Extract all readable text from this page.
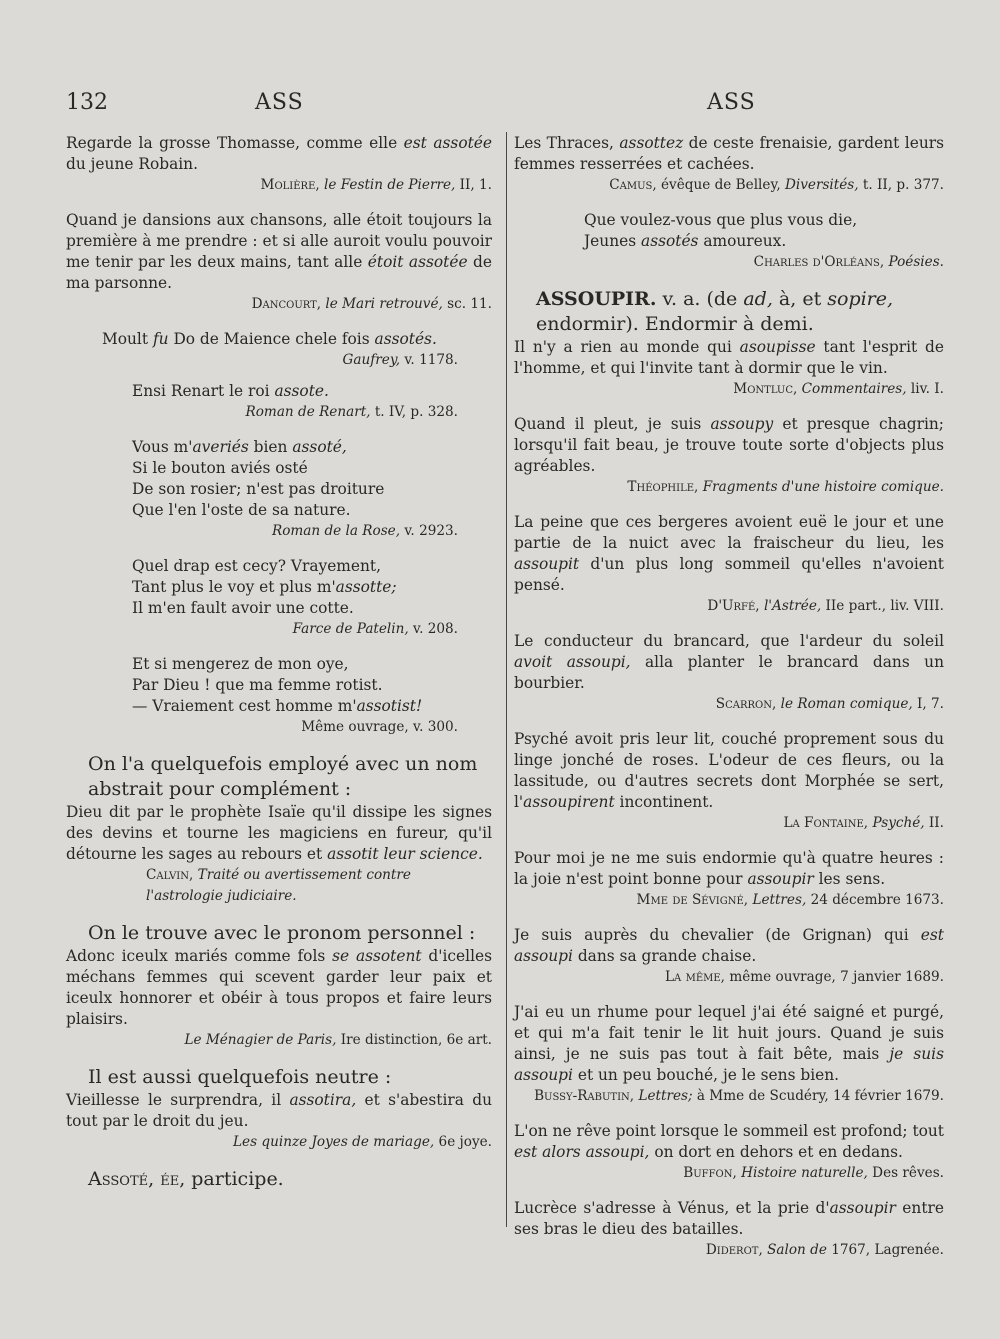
132	ASS	ASS

Regarde la grosse Thomasse, comme elle est assotée du jeune Robain.

Molière, le Festin de Pierre, II, 1.

Quand je dansions aux chansons, alle étoit toujours la première à me prendre : et si alle auroit voulu pouvoir me tenir par les deux mains, tant alle étoit assotée de ma parsonne.

Dancourt, le Mari retrouvé, sc. 11.

Moult fu Do de Maience chele fois assotés.

Gaufrey, v. 1178.

Ensi Renart le roi assote.

Roman de Renart, t. IV, p. 328.

Vous m'averiés bien assoté,

Si le bouton aviés osté

De son rosier; n'est pas droiture

Que l'en l'oste de sa nature.

Roman de la Rose, v. 2923.

Quel drap est cecy? Vrayement,

Tant plus le voy et plus m'assotte;

Il m'en fault avoir une cotte.

Farce de Patelin, v. 208.

Et si mengerez de mon oye,

Par Dieu ! que ma femme rotist.

— Vraiement cest homme m'assotist!

Même ouvrage, v. 300.

On l'a quelquefois employé avec un nom abstrait pour complément :

Dieu dit par le prophète Isaïe qu'il dissipe les signes des devins et tourne les magiciens en fureur, qu'il détourne les sages au rebours et assotit leur science.

Calvin, Traité ou avertissement contre l'astrologie judiciaire.

On le trouve avec le pronom personnel :

Adonc iceulx mariés comme fols se assotent d'icelles méchans femmes qui scevent garder leur paix et iceulx honnorer et obéir à tous propos et faire leurs plaisirs.

Le Ménagier de Paris, Ire distinction, 6e art.

Il est aussi quelquefois neutre :

Vieillesse le surprendra, il assotira, et s'abestira du tout par le droit du jeu.

Les quinze Joyes de mariage, 6e joye.

Assoté, ée, participe.

Les Thraces, assottez de ceste frenaisie, gardent leurs femmes resserrées et cachées.

Camus, évêque de Belley, Diversités, t. II, p. 377.

Que voulez-vous que plus vous die,

Jeunes assotés amoureux.

Charles d'Orléans, Poésies.

ASSOUPIR. v. a. (de ad, à, et sopire, endormir). Endormir à demi.

Il n'y a rien au monde qui asoupisse tant l'esprit de l'homme, et qui l'invite tant à dormir que le vin.

Montluc, Commentaires, liv. I.

Quand il pleut, je suis assoupy et presque chagrin; lorsqu'il fait beau, je trouve toute sorte d'objects plus agréables.

Théophile, Fragments d'une histoire comique.

La peine que ces bergeres avoient euë le jour et une partie de la nuict avec la fraischeur du lieu, les assoupit d'un plus long sommeil qu'elles n'avoient pensé.

D'Urfé, l'Astrée, IIe part., liv. VIII.

Le conducteur du brancard, que l'ardeur du soleil avoit assoupi, alla planter le brancard dans un bourbier.

Scarron, le Roman comique, I, 7.

Psyché avoit pris leur lit, couché proprement sous du linge jonché de roses. L'odeur de ces fleurs, ou la lassitude, ou d'autres secrets dont Morphée se sert, l'assoupirent incontinent.

La Fontaine, Psyché, II.

Pour moi je ne me suis endormie qu'à quatre heures : la joie n'est point bonne pour assoupir les sens.

Mme de Sévigné, Lettres, 24 décembre 1673.

Je suis auprès du chevalier (de Grignan) qui est assoupi dans sa grande chaise.

La même, même ouvrage, 7 janvier 1689.

J'ai eu un rhume pour lequel j'ai été saigné et purgé, et qui m'a fait tenir le lit huit jours. Quand je suis ainsi, je ne suis pas tout à fait bête, mais je suis assoupi et un peu bouché, je le sens bien.

Bussy-Rabutin, Lettres; à Mme de Scudéry, 14 février 1679.

L'on ne rêve point lorsque le sommeil est profond; tout est alors assoupi, on dort en dehors et en dedans.

Buffon, Histoire naturelle, Des rêves.

Lucrèce s'adresse à Vénus, et la prie d'assoupir entre ses bras le dieu des batailles.

Diderot, Salon de 1767, Lagrenée.
